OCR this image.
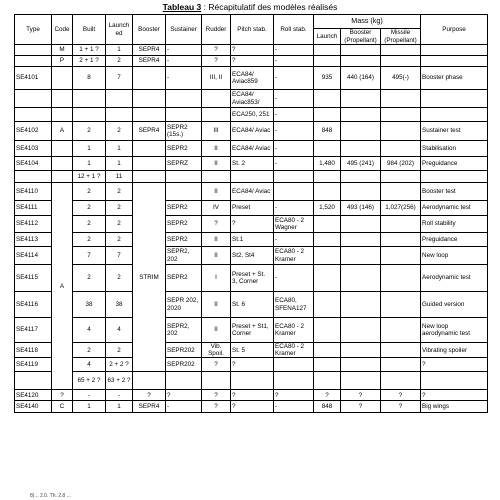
Tableau 3 : Récapitulatif des modèles réalisés
Type	Code	Built	Launched	Booster	Sustainer	Rudder	Pitch stab.	Roll stab.	Mass (kg)			Purpose
									Launch	Booster (Propellant)	Missile (Propellant)	
	M	1 + 1 ?	1	SEPR4	-	?	?	-				
	P	2 + 1 ?	2	SEPR4	-	?	?	-				
SE4101		8	7		-	III, II	ECA84/ Aviac859	-	935	440 (164)	495(-)	Booster phase
							ECA84/ Aviac853/	-				
							ECA250, 251	-				
SE4102	A	2	2	SEPR4	SEPR2 (15s.)	III	ECA84/ Aviac	-	848			Sustainer test
SE4103		1	1		SEPR2	II	ECA84/ Aviac	-				Stabilisation
SE4104		1	1		SEPRZ	II	St. 2	-	1,480	495 (241)	984 (202)	Preguidance
		12 + 1 ?	11									
SE4110	A	2	2	STRIM		II	ECA84/ Aviac					Booster test
SE4111		2	2		SEPR2	IV	Preset	-	1,520	493 (146)	1,027(256)	Aerodynamic test
SE4112		2	2		SEPR2	?	?	ECA80 - 2 Wagner				Roll stability
SE4113		2	2		SEPR2	II	St.1	-				Preguidance
SE4114		7	7		SEPR2, 202	II	St2. St4	ECA80 - 2 Kramer				New loop
SE4115		2	2		SEPR2	I	Preset + St. 3, Corner	-				Aerodynamic test
SE4116		38	38		SEPR 202, 2020	II	St. 6	ECA80, SFENA127				Guided version
SE4117		4	4		SEPR2, 202	II	Preset + St1, Corner	ECA80 - 2 Kramer				New loop aerodynamic test
SE4118		2	2		SEPR202	Vib. Spoil.	St. 5	ECA80 - 2 Kramer				Vibrating spoiler
SE4119		4	2 + 2 ?		SEPR202	?	?					?
		65 + 2 ?	63 + 2 ?									
SE4120	?	-	-	?	?	?	?	?	?	?	?	?
SE4140	C	1	1	SEPR4	-	?	?	-	848	?	?	Big wings
8(... 2.0. Th. 2.8 ...
